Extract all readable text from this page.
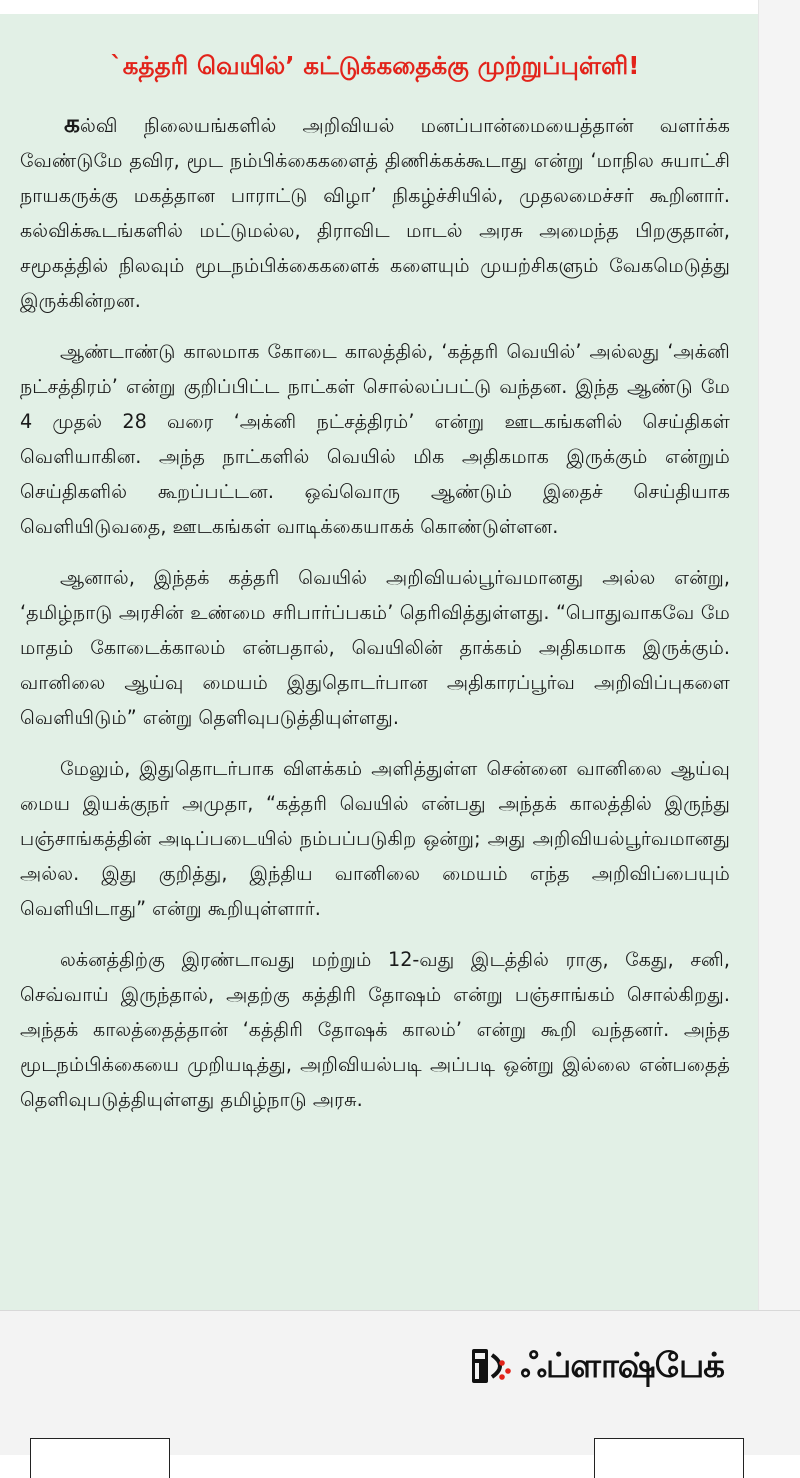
`கத்தரி வெயில்’ கட்டுக்கதைக்கு முற்றுப்புள்ளி!

கல்வி நிலையங்களில் அறிவியல் மனப்பான்மையைத்தான் வளர்க்க வேண்டுமே தவிர, மூட நம்பிக்கைகளைத் திணிக்கக்கூடாது என்று ‘மாநில சுயாட்சி நாயகருக்கு மகத்தான பாராட்டு விழா’ நிகழ்ச்சியில், முதலமைச்சர் கூறினார். கல்விக்கூடங்களில் மட்டுமல்ல, திராவிட மாடல் அரசு அமைந்த பிறகுதான், சமூகத்தில் நிலவும் மூடநம்பிக்கைகளைக் களையும் முயற்சிகளும் வேகமெடுத்து இருக்கின்றன.

ஆண்டாண்டு காலமாக கோடை காலத்தில், ‘கத்தரி வெயில்’ அல்லது ‘அக்னி நட்சத்திரம்’ என்று குறிப்பிட்ட நாட்கள் சொல்லப்பட்டு வந்தன. இந்த ஆண்டு மே 4 முதல் 28 வரை ‘அக்னி நட்சத்திரம்’ என்று ஊடகங்களில் செய்திகள் வெளியாகின. அந்த நாட்களில் வெயில் மிக அதிகமாக இருக்கும் என்றும் செய்திகளில் கூறப்பட்டன. ஒவ்வொரு ஆண்டும் இதைச் செய்தியாக வெளியிடுவதை, ஊடகங்கள் வாடிக்கையாகக் கொண்டுள்ளன.

ஆனால், இந்தக் கத்தரி வெயில் அறிவியல்பூர்வமானது அல்ல என்று, ‘தமிழ்நாடு அரசின் உண்மை சரிபார்ப்பகம்’ தெரிவித்துள்ளது. “பொதுவாகவே மே மாதம் கோடைக்காலம் என்பதால், வெயிலின் தாக்கம் அதிகமாக இருக்கும். வானிலை ஆய்வு மையம் இதுதொடர்பான அதிகாரப்பூர்வ அறிவிப்புகளை வெளியிடும்” என்று தெளிவுபடுத்தியுள்ளது.

மேலும், இதுதொடர்பாக விளக்கம் அளித்துள்ள சென்னை வானிலை ஆய்வு மைய இயக்குநர் அமுதா, “கத்தரி வெயில் என்பது அந்தக் காலத்தில் இருந்து பஞ்சாங்கத்தின் அடிப்படையில் நம்பப்படுகிற ஒன்று; அது அறிவியல்பூர்வமானது அல்ல. இது குறித்து, இந்திய வானிலை மையம் எந்த அறிவிப்பையும் வெளியிடாது” என்று கூறியுள்ளார்.

லக்னத்திற்கு இரண்டாவது மற்றும் 12-வது இடத்தில் ராகு, கேது, சனி, செவ்வாய் இருந்தால், அதற்கு கத்திரி தோஷம் என்று பஞ்சாங்கம் சொல்கிறது. அந்தக் காலத்தைத்தான் ‘கத்திரி தோஷக் காலம்’ என்று கூறி வந்தனர். அந்த மூடநம்பிக்கையை முறியடித்து, அறிவியல்படி அப்படி ஒன்று இல்லை என்பதைத் தெளிவுபடுத்தியுள்ளது தமிழ்நாடு அரசு.

ஃப்ளாஷ்பேக்
